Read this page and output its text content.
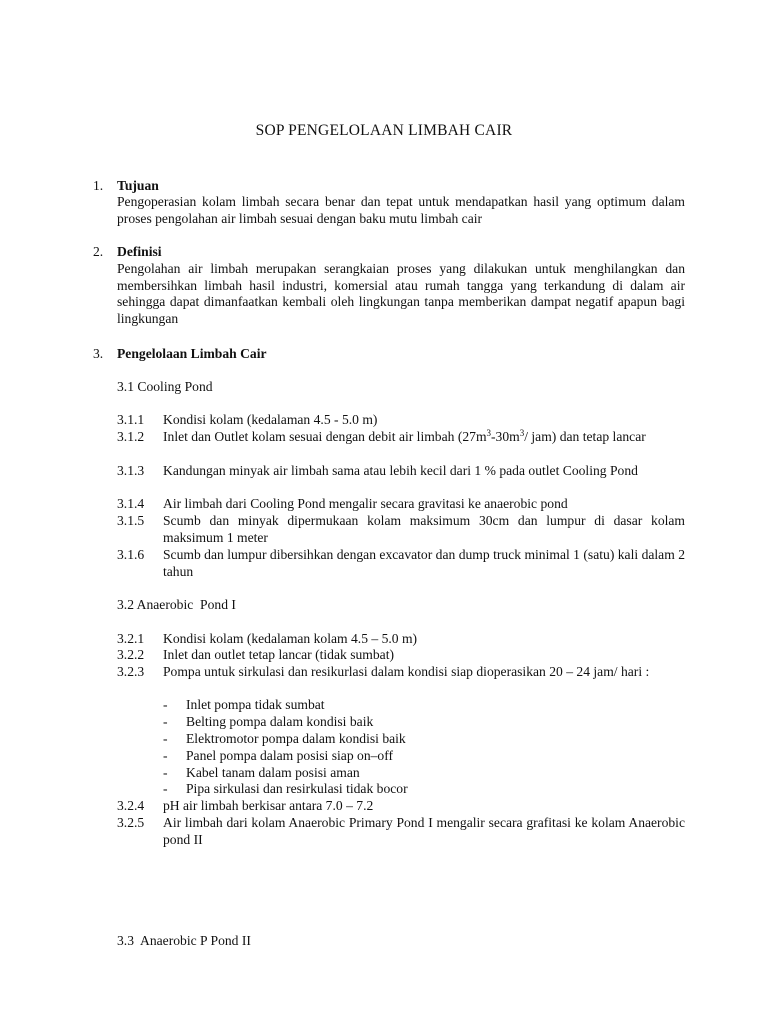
SOP PENGELOLAAN LIMBAH CAIR
1. Tujuan
Pengoperasian kolam limbah secara benar dan tepat untuk mendapatkan hasil yang optimum dalam proses pengolahan air limbah sesuai dengan baku mutu limbah cair
2. Definisi
Pengolahan air limbah merupakan serangkaian proses yang dilakukan untuk menghilangkan dan membersihkan limbah hasil industri, komersial atau rumah tangga yang terkandung di dalam air sehingga dapat dimanfaatkan kembali oleh lingkungan tanpa memberikan dampat negatif apapun bagi lingkungan
3. Pengelolaan Limbah Cair
3.1 Cooling Pond
3.1.1 Kondisi kolam (kedalaman 4.5 - 5.0 m)
3.1.2 Inlet dan Outlet kolam sesuai dengan debit air limbah ($27m^3-30m^3/$ jam) dan tetap lancar
3.1.3 Kandungan minyak air limbah sama atau lebih kecil dari 1 % pada outlet Cooling Pond
3.1.4 Air limbah dari Cooling Pond mengalir secara gravitasi ke anaerobic pond
3.1.5 Scumb dan minyak dipermukaan kolam maksimum 30cm dan lumpur di dasar kolam maksimum 1 meter
3.1.6 Scumb dan lumpur dibersihkan dengan excavator dan dump truck minimal 1 (satu) kali dalam 2 tahun
3.2 Anaerobic  Pond I
3.2.1 Kondisi kolam (kedalaman kolam 4.5 – 5.0 m)
3.2.2 Inlet dan outlet tetap lancar (tidak sumbat)
3.2.3 Pompa untuk sirkulasi dan resikurlasi dalam kondisi siap dioperasikan 20 – 24 jam/ hari :
- Inlet pompa tidak sumbat
- Belting pompa dalam kondisi baik
- Elektromotor pompa dalam kondisi baik
- Panel pompa dalam posisi siap on–off
- Kabel tanam dalam posisi aman
- Pipa sirkulasi dan resirkulasi tidak bocor
3.2.4 pH air limbah berkisar antara 7.0 – 7.2
3.2.5 Air limbah dari kolam Anaerobic Primary Pond I mengalir secara grafitasi ke kolam Anaerobic pond II
3.3  Anaerobic P Pond II
